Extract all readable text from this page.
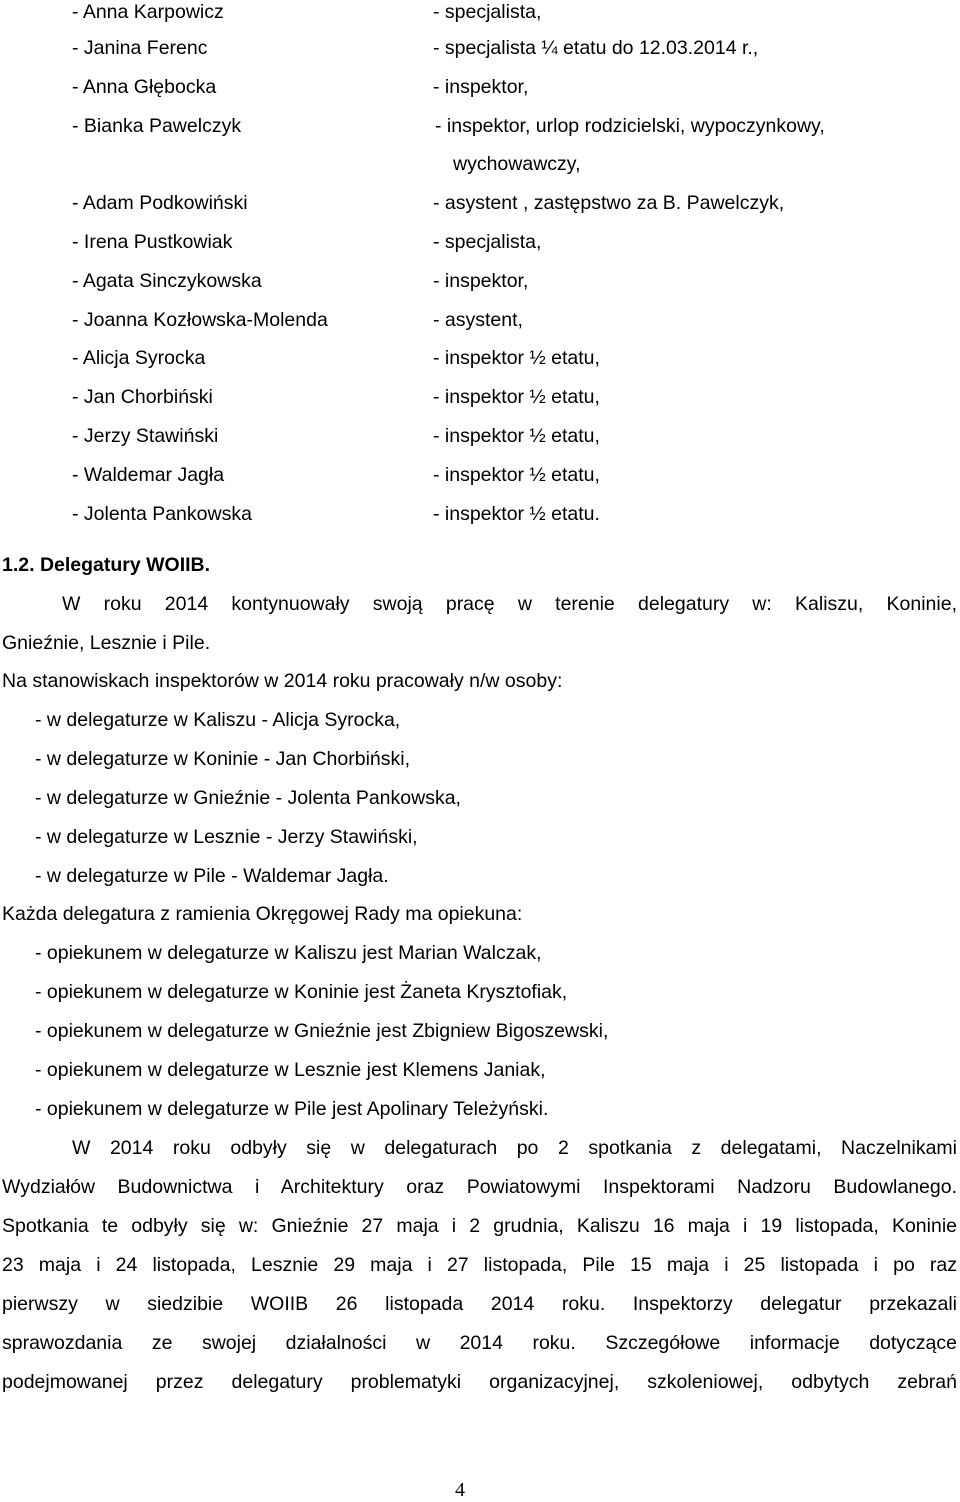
- Anna Karpowicz	- specjalista,
- Janina Ferenc	- specjalista ¼ etatu do 12.03.2014 r.,
- Anna Głębocka	- inspektor,
- Bianka Pawelczyk	- inspektor, urlop rodzicielski, wypoczynkowy,
wychowawczy,
- Adam Podkowiński	- asystent , zastępstwo za B. Pawelczyk,
- Irena Pustkowiak	- specjalista,
- Agata Sinczykowska	- inspektor,
- Joanna Kozłowska-Molenda	- asystent,
- Alicja Syrocka	- inspektor ½ etatu,
- Jan Chorbiński	- inspektor ½ etatu,
- Jerzy Stawiński	- inspektor ½ etatu,
- Waldemar Jagła	- inspektor ½ etatu,
- Jolenta Pankowska	- inspektor ½ etatu.
1.2. Delegatury WOIIB.
W roku 2014 kontynuowały swoją pracę w terenie delegatury w: Kaliszu, Koninie,
Gnieźnie, Lesznie i Pile.
Na stanowiskach inspektorów w 2014 roku pracowały n/w osoby:
- w delegaturze w Kaliszu - Alicja Syrocka,
- w delegaturze w Koninie - Jan Chorbiński,
- w delegaturze w Gnieźnie - Jolenta Pankowska,
- w delegaturze w Lesznie - Jerzy Stawiński,
- w delegaturze w Pile - Waldemar Jagła.
Każda delegatura z ramienia Okręgowej Rady ma opiekuna:
- opiekunem w delegaturze w Kaliszu jest Marian Walczak,
- opiekunem w delegaturze w Koninie jest Żaneta Krysztofiak,
- opiekunem w delegaturze w Gnieźnie jest Zbigniew Bigoszewski,
- opiekunem w delegaturze w Lesznie jest Klemens Janiak,
- opiekunem w delegaturze w Pile jest Apolinary Teleżyński.
W 2014 roku odbyły się w delegaturach po 2 spotkania z delegatami, Naczelnikami
Wydziałów Budownictwa i Architektury oraz Powiatowymi Inspektorami Nadzoru Budowlanego.
Spotkania te odbyły się w: Gnieźnie 27 maja i 2 grudnia, Kaliszu 16 maja i 19 listopada, Koninie
23 maja i 24 listopada, Lesznie 29 maja i 27 listopada, Pile 15 maja i 25 listopada i po raz
pierwszy w siedzibie WOIIB 26 listopada 2014 roku. Inspektorzy delegatur przekazali
sprawozdania ze swojej działalności w 2014 roku. Szczegółowe informacje dotyczące
podejmowanej przez delegatury problematyki organizacyjnej, szkoleniowej, odbytych zebrań
4
